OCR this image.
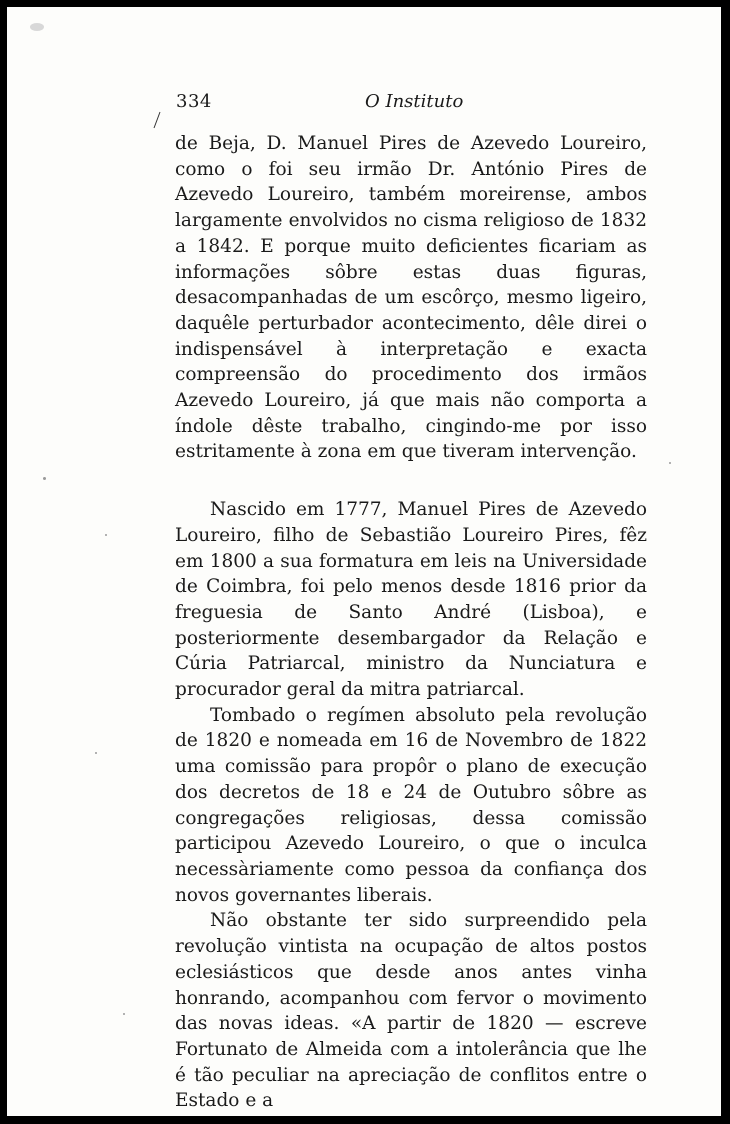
334	O Instituto

de Beja, D. Manuel Pires de Azevedo Loureiro, como o foi seu irmão Dr. António Pires de Azevedo Loureiro, também moreirense, ambos largamente envolvidos no cisma religioso de 1832 a 1842. E porque muito deficientes ficariam as informações sôbre estas duas figuras, desacompanhadas de um escôrço, mesmo ligeiro, daquêle perturbador acontecimento, dêle direi o indispensável à interpretação e exacta compreensão do procedimento dos irmãos Azevedo Loureiro, já que mais não comporta a índole dêste trabalho, cingindo-me por isso estritamente à zona em que tiveram intervenção.

Nascido em 1777, Manuel Pires de Azevedo Loureiro, filho de Sebastião Loureiro Pires, fêz em 1800 a sua formatura em leis na Universidade de Coimbra, foi pelo menos desde 1816 prior da freguesia de Santo André (Lisboa), e posteriormente desembargador da Relação e Cúria Patriarcal, ministro da Nunciatura e procurador geral da mitra patriarcal.

Tombado o regímen absoluto pela revolução de 1820 e nomeada em 16 de Novembro de 1822 uma comissão para propôr o plano de execução dos decretos de 18 e 24 de Outubro sôbre as congregações religiosas, dessa comissão participou Azevedo Loureiro, o que o inculca necessàriamente como pessoa da confiança dos novos governantes liberais.

Não obstante ter sido surpreendido pela revolução vintista na ocupação de altos postos eclesiásticos que desde anos antes vinha honrando, acompanhou com fervor o movimento das novas ideas. «A partir de 1820 — escreve Fortunato de Almeida com a intolerância que lhe é tão peculiar na apreciação de conflitos entre o Estado e a
